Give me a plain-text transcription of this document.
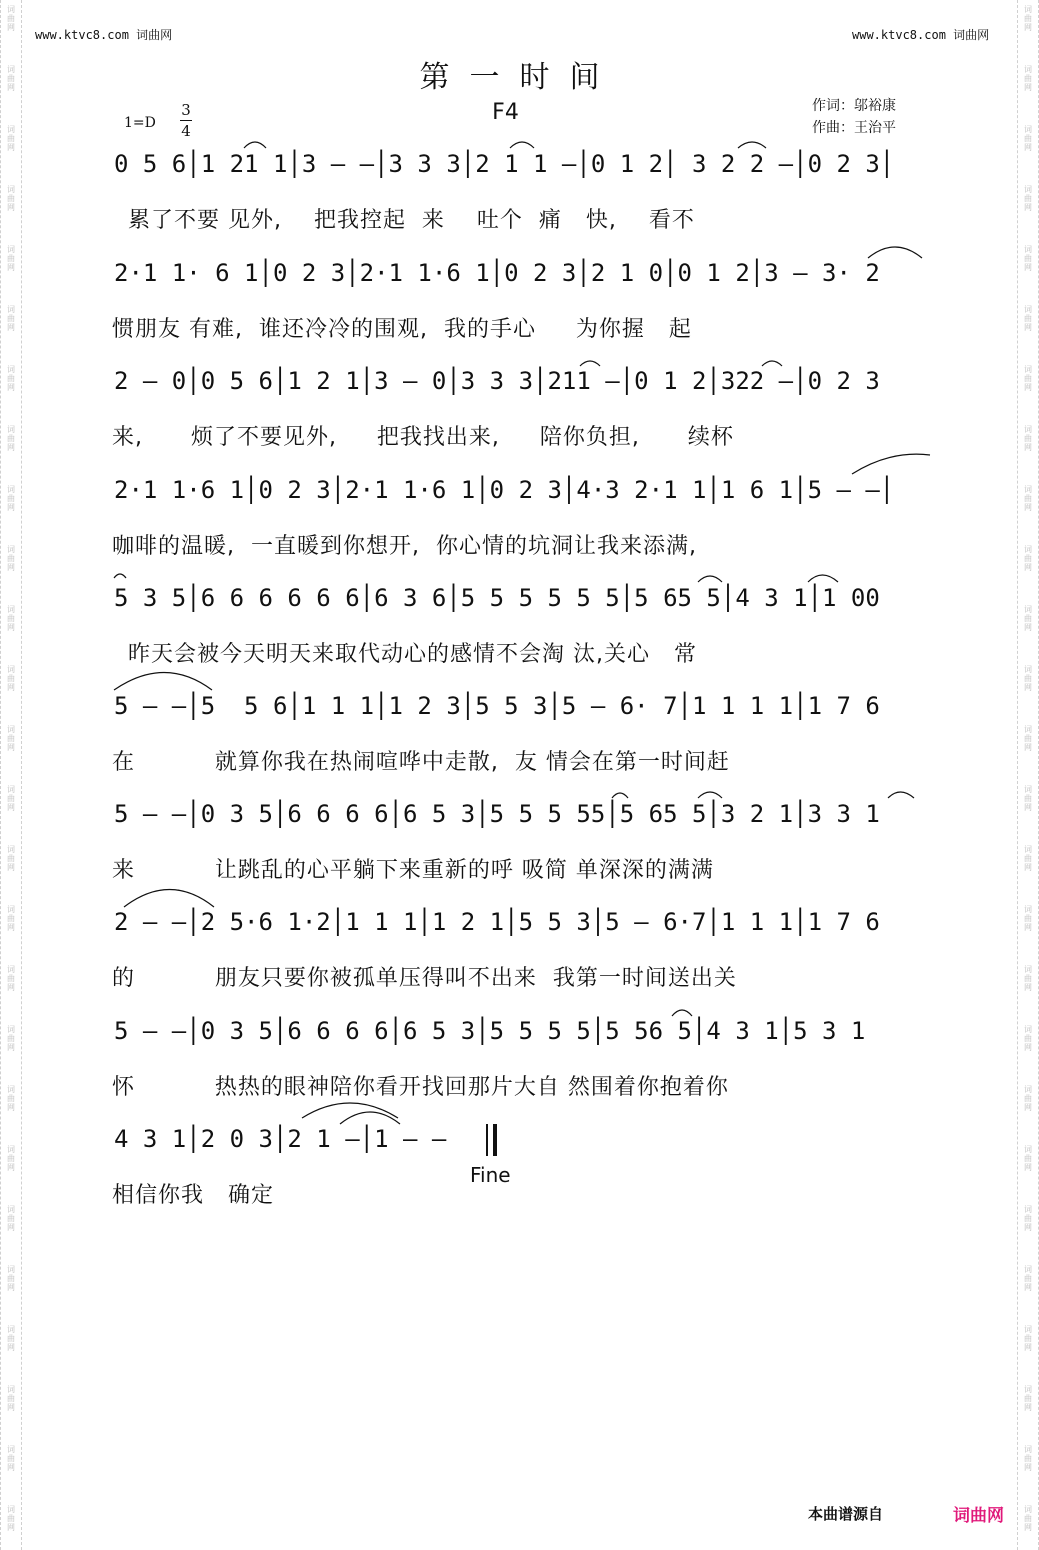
词
曲
网
词
曲
网
词
曲
网
词
曲
网
词
曲
网
词
曲
网
词
曲
网
词
曲
网
词
曲
网
词
曲
网
词
曲
网
词
曲
网
词
曲
网
词
曲
网
词
曲
网
词
曲
网
词
曲
网
词
曲
网
词
曲
网
词
曲
网
词
曲
网
词
曲
网
词
曲
网
词
曲
网
词
曲
网
词
曲
网
词
曲
网
词
曲
网
词
曲
网
词
曲
网
词
曲
网
词
曲
网
词
曲
网
词
曲
网
词
曲
网
词
曲
网
词
曲
网
词
曲
网
词
曲
网
词
曲
网
词
曲
网
词
曲
网
词
曲
网
词
曲
网
词
曲
网
词
曲
网
词
曲
网
词
曲
网
词
曲
网
词
曲
网
词
曲
网
词
曲
网
www.ktvc8.com 词曲网	www.ktvc8.com 词曲网
第一时间
F4	作词：邬裕康
作曲：王治平
1=D
3
4
0 5 6│1 21 1│3 — —│3 3 3│2 1 1 —│0 1 2│ 3 2 2 —│0 2 3│
累了不要 见外,    把我控起  来    吐个  痛   快,    看不
2·1 1· 6 1│0 2 3│2·1 1·6 1│0 2 3│2 1 0│0 1 2│3 — 3· 2
惯朋友 有难,  谁还冷冷的围观,  我的手心     为你握   起
2 — 0│0 5 6│1 2 1│3 — 0│3 3 3│211 —│0 1 2│322 —│0 2 3
来,      烦了不要见外,     把我找出来,     陪你负担,      续杯
2·1 1·6 1│0 2 3│2·1 1·6 1│0 2 3│4·3 2·1 1│1 6 1│5 — —│
咖啡的温暖,  一直暖到你想开,  你心情的坑洞让我来添满,
5 3 5│6 6 6 6 6 6│6 3 6│5 5 5 5 5 5│5 65 5│4 3 1│1 00
昨天会被今天明天来取代动心的感情不会淘 汰,关心   常
5 — —│5  5 6│1 1 1│1 2 3│5 5 3│5 — 6· 7│1 1 1 1│1 7 6
在          就算你我在热闹喧哗中走散,  友 情会在第一时间赶
5 — —│0 3 5│6 6 6 6│6 5 3│5 5 5 55│5 65 5│3 2 1│3 3 1
来          让跳乱的心平躺下来重新的呼 吸简 单深深的满满
2 — —│2 5·6 1·2│1 1 1│1 2 1│5 5 3│5 — 6·7│1 1 1│1 7 6
的          朋友只要你被孤单压得叫不出来  我第一时间送出关
5 — —│0 3 5│6 6 6 6│6 5 3│5 5 5 5│5 56 5│4 3 1│5 3 1
怀          热热的眼神陪你看开找回那片大自 然围着你抱着你
4 3 1│2 0 3│2 1 —│1 — —
相信你我   确定
Fine
本曲谱源自	词曲网
